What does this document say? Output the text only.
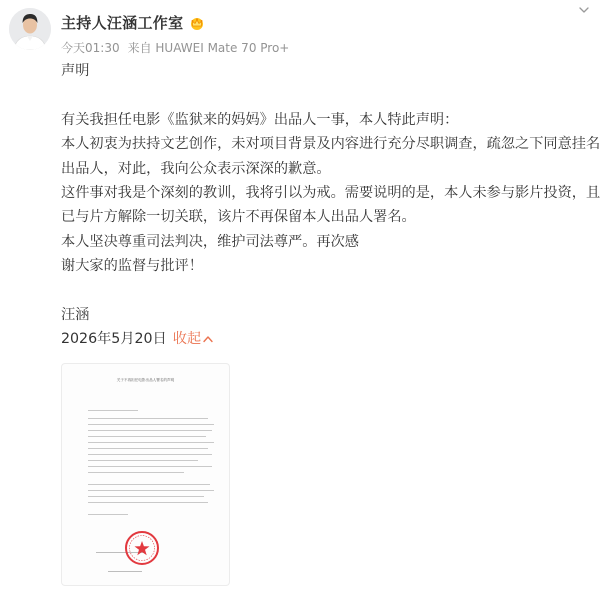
主持人汪涵工作室
今天01:30 来自 HUAWEI Mate 70 Pro+

声明

有关我担任电影《监狱来的妈妈》出品人一事，本人特此声明：

本人初衷为扶持文艺创作，未对项目背景及内容进行充分尽职调查，疏忽之下同意挂名

出品人，对此，我向公众表示深深的歉意。

这件事对我是个深刻的教训，我将引以为戒。需要说明的是，本人未参与影片投资，且

已与片方解除一切关联，该片不再保留本人出品人署名。

本人坚决尊重司法判决，维护司法尊严。再次感

谢大家的监督与批评！

汪涵

2026年5月20日 收起

关于不再担任电影出品人署名的声明
